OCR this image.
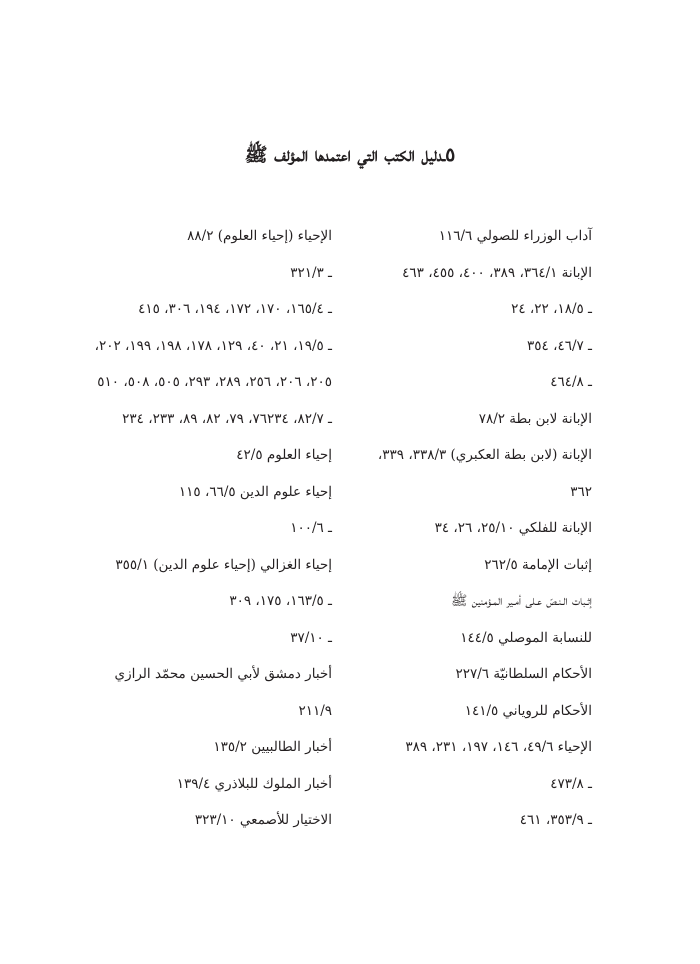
٥ـدليل الكتب التي اعتمدها المؤلف ﷺ
آداب الوزراء للصولي ١١٦/٦
الإبانة ٣٦٤/١، ٣٨٩، ٤٠٠، ٤٥٥، ٤٦٣
ـ ١٨/٥، ٢٢، ٢٤
ـ ٤٦/٧، ٣٥٤
ـ ٤٦٤/٨
الإبانة لابن بطة ٧٨/٢
الإبانة (لابن بطة العكبري) ٣٣٨/٣، ٣٣٩،
٣٦٢
الإبانة للفلكي ٢٥/١٠، ٢٦، ٣٤
إثبات الإمامة ٢٦٢/٥
إثـبات الـنـصّ عـلى أمـير المـؤمنين ﷺ
للنسابة الموصلي ١٤٤/٥
الأحكام السلطانيّة ٢٢٧/٦
الأحكام للروياني ١٤١/٥
الإحياء ٤٩/٦، ١٤٦، ١٩٧، ٢٣١، ٣٨٩
ـ ٤٧٣/٨
ـ ٣٥٣/٩، ٤٦١
الإحياء (إحياء العلوم) ٨٨/٢
ـ ٣٢١/٣
ـ ١٦٥/٤، ١٧٠، ١٧٢، ١٩٤، ٣٠٦، ٤١٥
ـ ١٩/٥، ٢١، ٤٠، ١٢٩، ١٧٨، ١٩٨، ١٩٩، ٢٠٢،
٢٠٥، ٢٠٦، ٢٥٦، ٢٨٩، ٢٩٣، ٥٠٥، ٥٠٨، ٥١٠
ـ ٨٢/٧، ٧٦٢٣٤، ٧٩، ٨٢، ٨٩، ٢٣٣، ٢٣٤
إحياء العلوم ٤٢/٥
إحياء علوم الدين ٦٦/٥، ١١٥
ـ ١٠٠/٦
إحياء الغزالي (إحياء علوم الدين) ٣٥٥/١
ـ ١٦٣/٥، ١٧٥، ٣٠٩
ـ ٣٧/١٠
أخبار دمشق لأبي الحسين محمّد الرازي
٢١١/٩
أخبار الطالبيين ١٣٥/٢
أخبار الملوك للبلاذري ١٣٩/٤
الاختيار للأصمعي ٣٢٣/١٠
